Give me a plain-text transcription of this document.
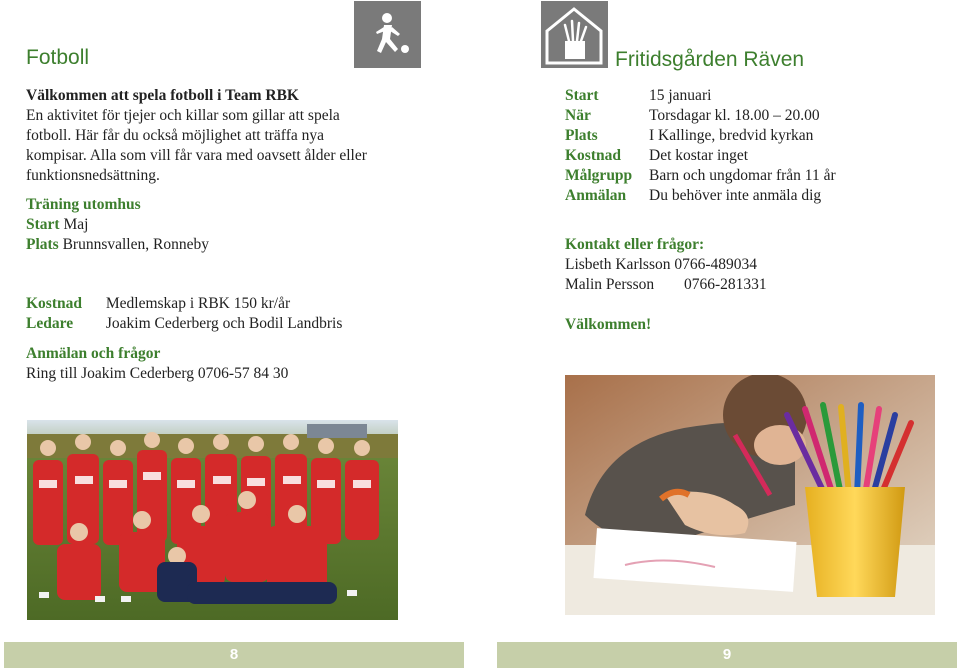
Fotboll
Välkommen att spela fotboll i Team RBK
En aktivitet för tjejer och killar som gillar att spela
fotboll. Här får du också möjlighet att träffa nya
kompisar. Alla som vill får vara med oavsett ålder eller
funktionsnedsättning.
Träning utomhus
Start Maj
Plats Brunnsvallen, Ronneby
Kostnad Medlemskap i RBK 150 kr/år
Ledare Joakim Cederberg och Bodil Landbris
Anmälan och frågor
Ring till Joakim Cederberg 0706-57 84 30
8
Fritidsgården Räven
Start	15 januari
När	Torsdagar kl. 18.00 – 20.00
Plats	I Kallinge, bredvid kyrkan
Kostnad Det kostar inget
Målgrupp Barn och ungdomar från 11 år
Anmälan Du behöver inte anmäla dig
Kontakt eller frågor:
Lisbeth Karlsson 0766-489034
Malin Persson 0766-281331
Välkommen!
9
